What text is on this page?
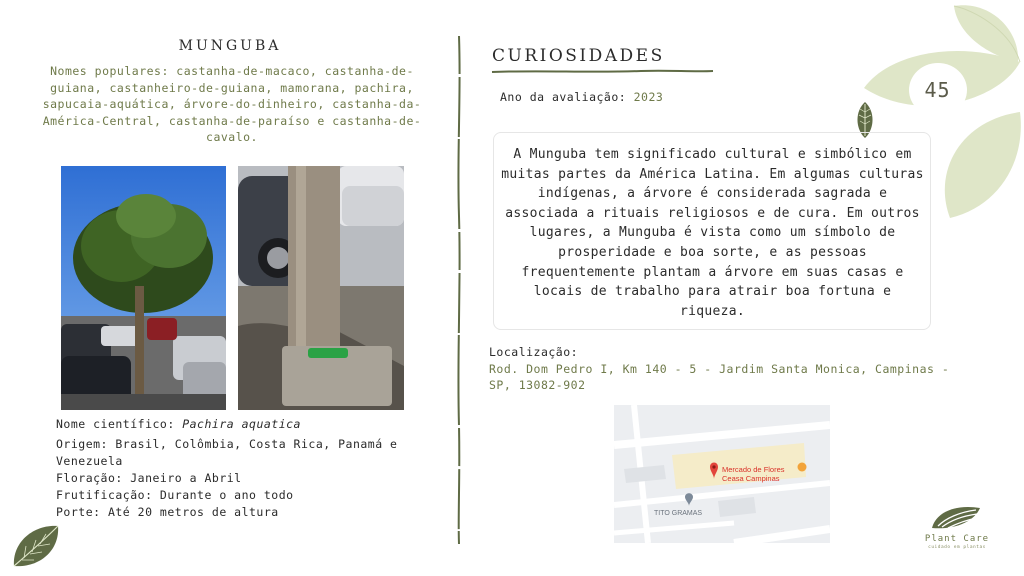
MUNGUBA
Nomes populares: castanha-de-macaco, castanha-de-guiana, castanheiro-de-guiana, mamorana, pachira, sapucaia-aquática, árvore-do-dinheiro, castanha-da-América-Central, castanha-de-paraíso e castanha-de-cavalo.
Nome científico: Pachira aquatica
Origem: Brasil, Colômbia, Costa Rica, Panamá e Venezuela
Floração: Janeiro a Abril
Frutificação: Durante o ano todo
Porte: Até 20 metros de altura
CURIOSIDADES
Ano da avaliação: 2023	45
A Munguba tem significado cultural e simbólico em muitas partes da América Latina. Em algumas culturas indígenas, a árvore é considerada sagrada e associada a rituais religiosos e de cura. Em outros lugares, a Munguba é vista como um símbolo de prosperidade e boa sorte, e as pessoas frequentemente plantam a árvore em suas casas e locais de trabalho para atrair boa fortuna e riqueza.
Localização:
Rod. Dom Pedro I, Km 140 - 5 - Jardim Santa Monica, Campinas - SP, 13082-902
Mercado de Flores
Ceasa Campinas
TITO GRAMAS
Plant Care
cuidado em plantas
